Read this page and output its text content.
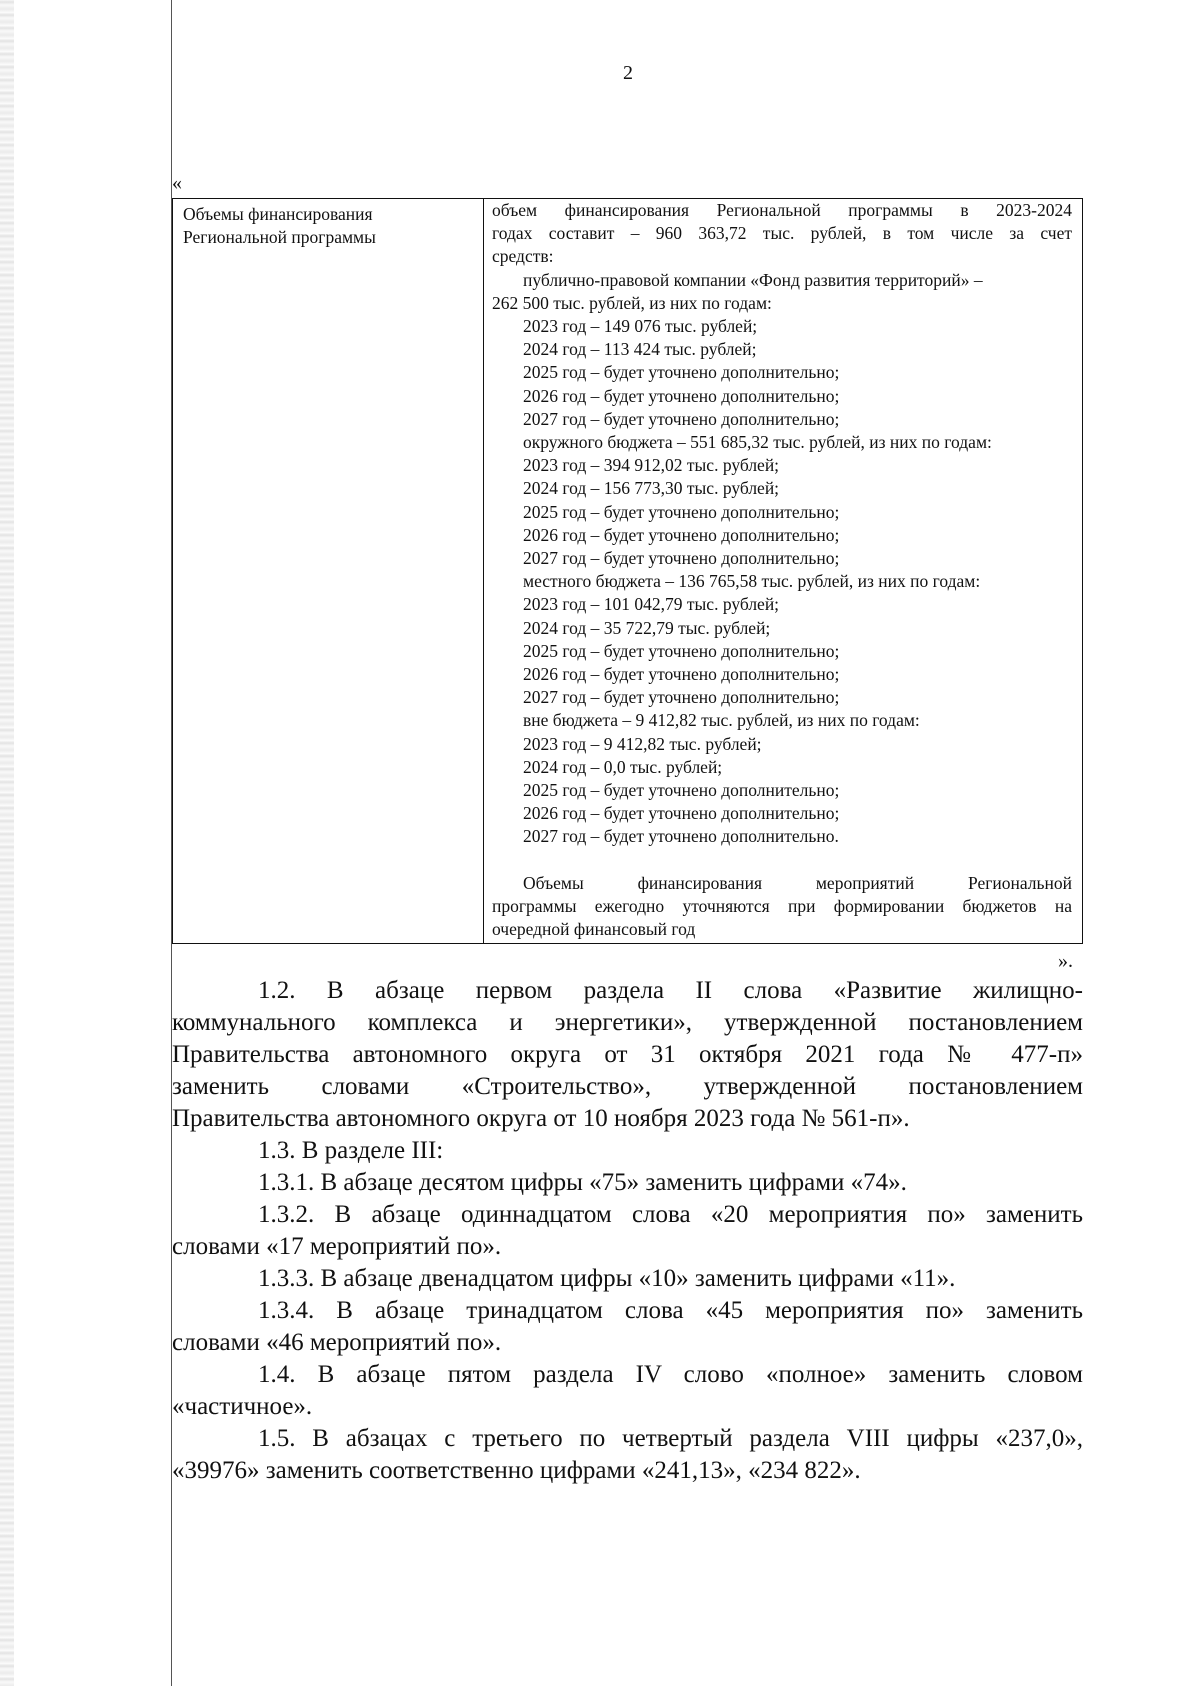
2
«
Объемы финансирования
Региональной программы
объем финансирования Региональной программы в 2023-2024
годах составит – 960 363,72 тыс. рублей, в том числе за счет
средств:
публично-правовой компании «Фонд развития территорий» –
262 500 тыс. рублей, из них по годам:
2023 год – 149 076 тыс. рублей;
2024 год – 113 424 тыс. рублей;
2025 год – будет уточнено дополнительно;
2026 год – будет уточнено дополнительно;
2027 год – будет уточнено дополнительно;
окружного бюджета – 551 685,32 тыс. рублей, из них по годам:
2023 год – 394 912,02 тыс. рублей;
2024 год – 156 773,30 тыс. рублей;
2025 год – будет уточнено дополнительно;
2026 год – будет уточнено дополнительно;
2027 год – будет уточнено дополнительно;
местного бюджета – 136 765,58 тыс. рублей, из них по годам:
2023 год – 101 042,79 тыс. рублей;
2024 год – 35 722,79 тыс. рублей;
2025 год – будет уточнено дополнительно;
2026 год – будет уточнено дополнительно;
2027 год – будет уточнено дополнительно;
вне бюджета – 9 412,82 тыс. рублей, из них по годам:
2023 год – 9 412,82 тыс. рублей;
2024 год – 0,0 тыс. рублей;
2025 год – будет уточнено дополнительно;
2026 год – будет уточнено дополнительно;
2027 год – будет уточнено дополнительно.
Объемы финансирования мероприятий Региональной
программы ежегодно уточняются при формировании бюджетов на
очередной финансовый год
».
1.2. В абзаце первом раздела II слова «Развитие жилищно-
коммунального комплекса и энергетики», утвержденной постановлением
Правительства автономного округа от 31 октября 2021 года № 477-п»
заменить словами «Строительство», утвержденной постановлением
Правительства автономного округа от 10 ноября 2023 года № 561-п».
1.3. В разделе III:
1.3.1. В абзаце десятом цифры «75» заменить цифрами «74».
1.3.2. В абзаце одиннадцатом слова «20 мероприятия по» заменить
словами «17 мероприятий по».
1.3.3. В абзаце двенадцатом цифры «10» заменить цифрами «11».
1.3.4. В абзаце тринадцатом слова «45 мероприятия по» заменить
словами «46 мероприятий по».
1.4. В абзаце пятом раздела IV слово «полное» заменить словом
«частичное».
1.5. В абзацах с третьего по четвертый раздела VIII цифры «237,0»,
«39976» заменить соответственно цифрами «241,13», «234 822».
